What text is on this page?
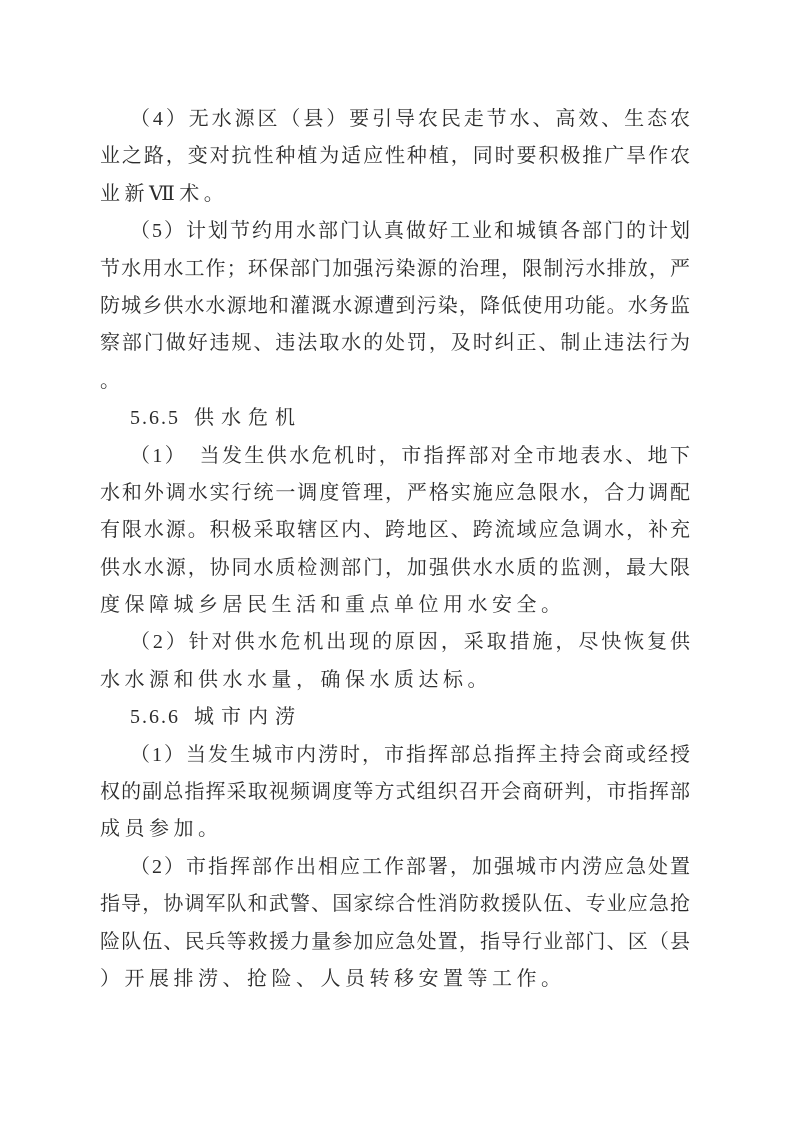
（4）无水源区（县）要引导农民走节水、高效、生态农
业之路，变对抗性种植为适应性种植，同时要积极推广旱作农
业新Ⅶ术。
（5）计划节约用水部门认真做好工业和城镇各部门的计划
节水用水工作；环保部门加强污染源的治理，限制污水排放，严
防城乡供水水源地和灌溉水源遭到污染，降低使用功能。水务监
察部门做好违规、违法取水的处罚，及时纠正、制止违法行为
。
5.6.5 供水危机
（1）　当发生供水危机时，市指挥部对全市地表水、地下
水和外调水实行统一调度管理，严格实施应急限水，合力调配
有限水源。积极采取辖区内、跨地区、跨流域应急调水，补充
供水水源，协同水质检测部门，加强供水水质的监测，最大限
度保障城乡居民生活和重点单位用水安全。
（2）针对供水危机出现的原因，采取措施，尽快恢复供
水水源和供水水量，确保水质达标。
5.6.6 城市内涝
（1）当发生城市内涝时，市指挥部总指挥主持会商或经授
权的副总指挥采取视频调度等方式组织召开会商研判，市指挥部
成员参加。
（2）市指挥部作出相应工作部署，加强城市内涝应急处置
指导，协调军队和武警、国家综合性消防救援队伍、专业应急抢
险队伍、民兵等救援力量参加应急处置，指导行业部门、区（县
）开展排涝、抢险、人员转移安置等工作。
